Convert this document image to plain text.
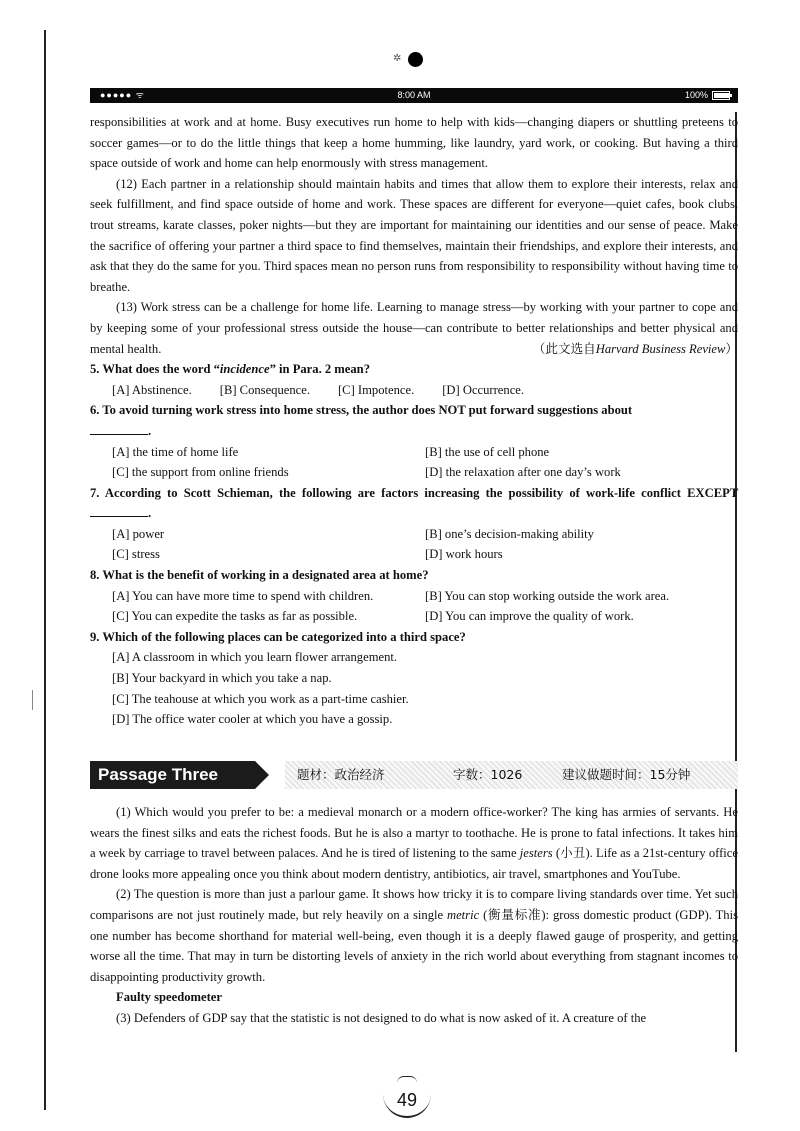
✲
●●●●● ᯤ	8:00 AM	100%

responsibilities at work and at home. Busy executives run home to help with kids—changing diapers or shuttling preteens to soccer games—or to do the little things that keep a home humming, like laundry, yard work, or cooking. But having a third space outside of work and home can help enormously with stress management.

(12) Each partner in a relationship should maintain habits and times that allow them to explore their interests, relax and seek fulfillment, and find space outside of home and work. These spaces are different for everyone—quiet cafes, book clubs, trout streams, karate classes, poker nights—but they are important for maintaining our identities and our sense of peace. Make the sacrifice of offering your partner a third space to find themselves, maintain their friendships, and explore their interests, and ask that they do the same for you. Third spaces mean no person runs from responsibility to responsibility without having time to breathe.

(13) Work stress can be a challenge for home life. Learning to manage stress—by working with your partner to cope and by keeping some of your professional stress outside the house—can contribute to better relationships and better physical and mental health.	（此文选自Harvard Business Review）

5. What does the word “incidence” in Para. 2 mean?

[A] Abstinence. [B] Consequence. [C] Impotence. [D] Occurrence.

6. To avoid turning work stress into home stress, the author does NOT put forward suggestions about
.

[A] the time of home life	[B] the use of cell phone
[C] the support from online friends	[D] the relaxation after one day’s work

7. According to Scott Schieman, the following are factors increasing the possibility of work-life conflict EXCEPT .

[A] power	[B] one’s decision-making ability
[C] stress	[D] work hours

8. What is the benefit of working in a designated area at home?

[A] You can have more time to spend with children.	[B] You can stop working outside the work area.
[C] You can expedite the tasks as far as possible.	[D] You can improve the quality of work.

9. Which of the following places can be categorized into a third space?

[A] A classroom in which you learn flower arrangement.
[B] Your backyard in which you take a nap.
[C] The teahouse at which you work as a part-time cashier.
[D] The office water cooler at which you have a gossip.
Passage Three	题材：政治经济	字数：1026	建议做题时间：15分钟

(1) Which would you prefer to be: a medieval monarch or a modern office-worker? The king has armies of servants. He wears the finest silks and eats the richest foods. But he is also a martyr to toothache. He is prone to fatal infections. It takes him a week by carriage to travel between palaces. And he is tired of listening to the same jesters (小丑). Life as a 21st-century office drone looks more appealing once you think about modern dentistry, antibiotics, air travel, smartphones and YouTube.

(2) The question is more than just a parlour game. It shows how tricky it is to compare living standards over time. Yet such comparisons are not just routinely made, but rely heavily on a single metric (衡量标准): gross domestic product (GDP). This one number has become shorthand for material well-being, even though it is a deeply flawed gauge of prosperity, and getting worse all the time. That may in turn be distorting levels of anxiety in the rich world about everything from stagnant incomes to disappointing productivity growth.

Faulty speedometer

(3) Defenders of GDP say that the statistic is not designed to do what is now asked of it. A creature of the

49
